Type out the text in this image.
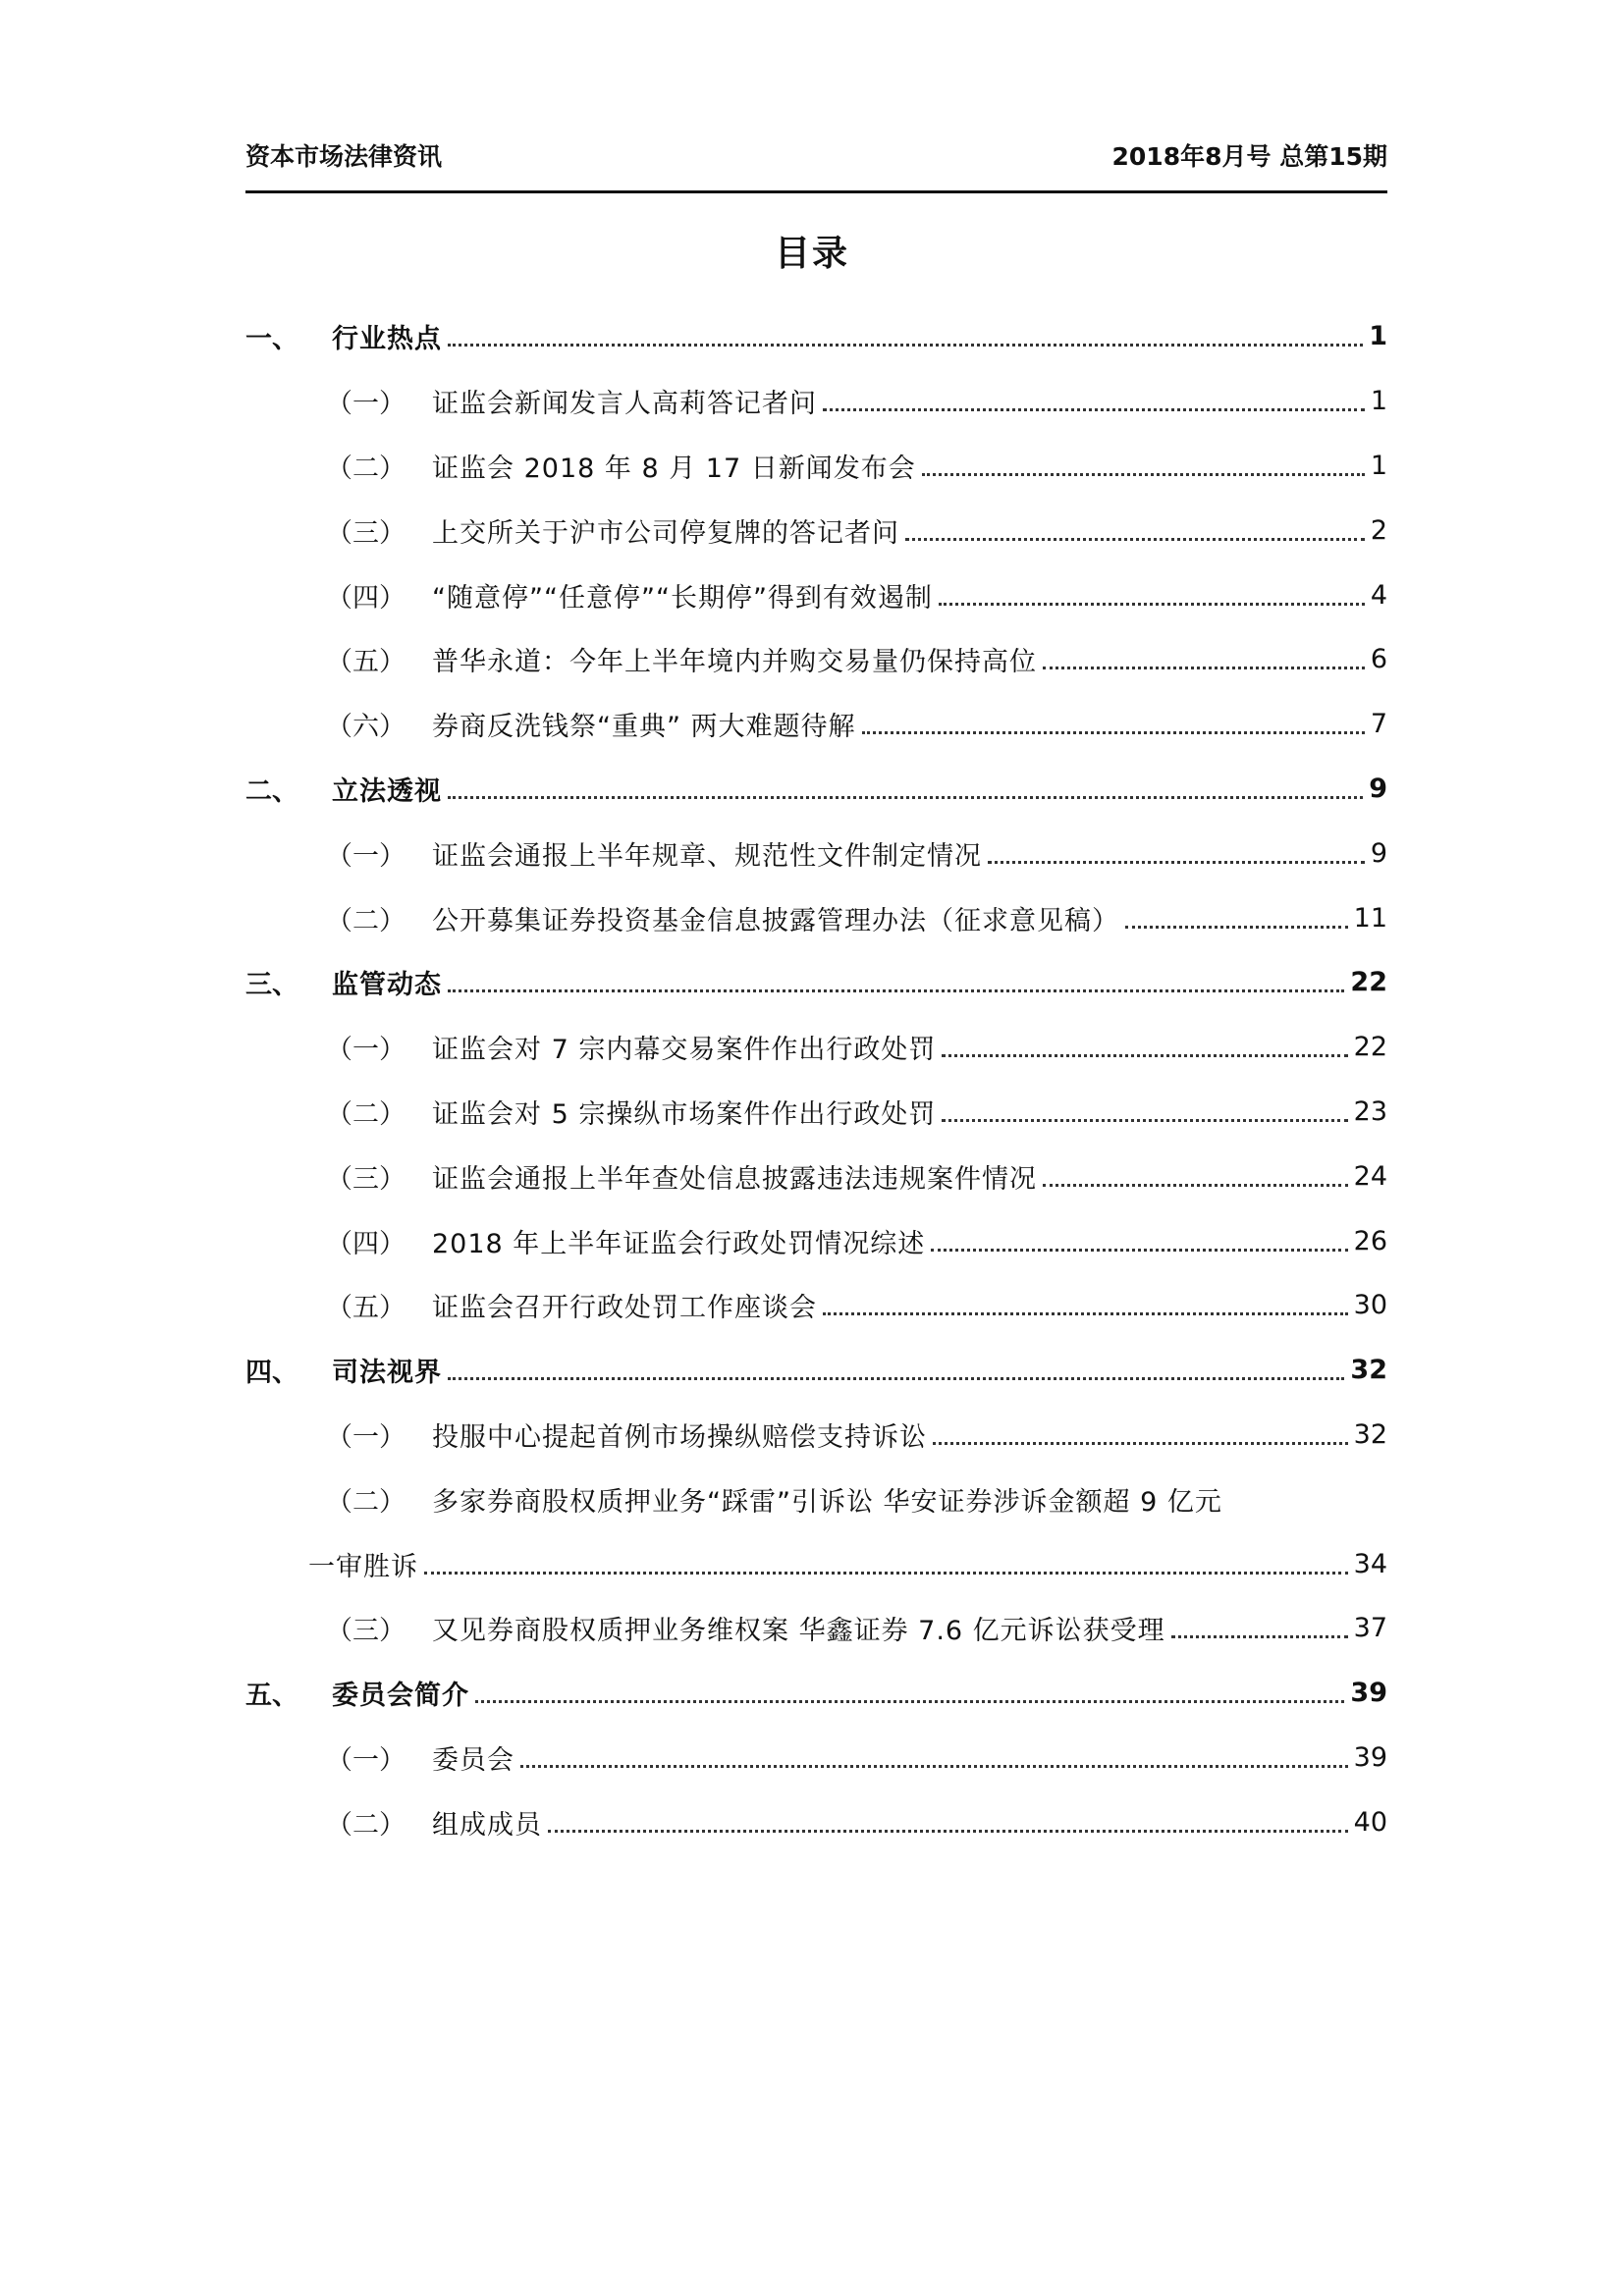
资本市场法律资讯	2018年8月号 总第15期
目录
一、	行业热点	1
（一）	证监会新闻发言人高莉答记者问	1
（二）	证监会 2018 年 8 月 17 日新闻发布会	1
（三）	上交所关于沪市公司停复牌的答记者问	2
（四）	“随意停”“任意停”“长期停”得到有效遏制	4
（五）	普华永道：今年上半年境内并购交易量仍保持高位	6
（六）	券商反洗钱祭“重典” 两大难题待解	7
二、	立法透视	9
（一）	证监会通报上半年规章、规范性文件制定情况	9
（二）	公开募集证券投资基金信息披露管理办法（征求意见稿）	11
三、	监管动态	22
（一）	证监会对 7 宗内幕交易案件作出行政处罚	22
（二）	证监会对 5 宗操纵市场案件作出行政处罚	23
（三）	证监会通报上半年查处信息披露违法违规案件情况	24
（四）	2018 年上半年证监会行政处罚情况综述	26
（五）	证监会召开行政处罚工作座谈会	30
四、	司法视界	32
（一）	投服中心提起首例市场操纵赔偿支持诉讼	32
（二）	多家券商股权质押业务“踩雷”引诉讼 华安证券涉诉金额超 9 亿元
一审胜诉	34
（三）	又见券商股权质押业务维权案 华鑫证券 7.6 亿元诉讼获受理	37
五、	委员会简介	39
（一）	委员会	39
（二）	组成成员	40
